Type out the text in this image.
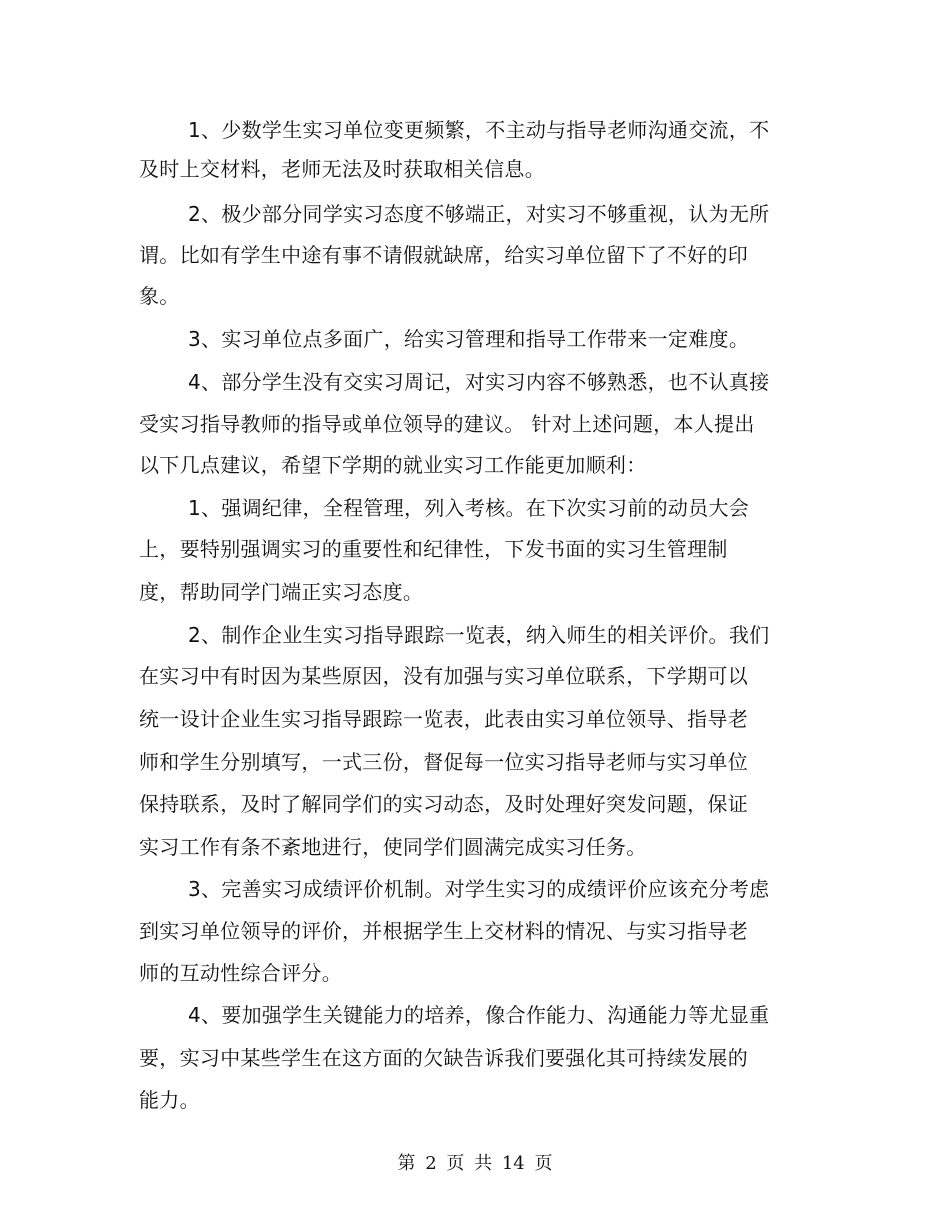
1、少数学生实习单位变更频繁，不主动与指导老师沟通交流，不
及时上交材料，老师无法及时获取相关信息。
2、极少部分同学实习态度不够端正，对实习不够重视，认为无所
谓。比如有学生中途有事不请假就缺席，给实习单位留下了不好的印
象。
3、实习单位点多面广，给实习管理和指导工作带来一定难度。
4、部分学生没有交实习周记，对实习内容不够熟悉，也不认真接
受实习指导教师的指导或单位领导的建议。 针对上述问题，本人提出
以下几点建议，希望下学期的就业实习工作能更加顺利：
1、强调纪律，全程管理，列入考核。在下次实习前的动员大会
上，要特别强调实习的重要性和纪律性，下发书面的实习生管理制
度，帮助同学门端正实习态度。
2、制作企业生实习指导跟踪一览表，纳入师生的相关评价。我们
在实习中有时因为某些原因，没有加强与实习单位联系，下学期可以
统一设计企业生实习指导跟踪一览表，此表由实习单位领导、指导老
师和学生分别填写，一式三份，督促每一位实习指导老师与实习单位
保持联系，及时了解同学们的实习动态，及时处理好突发问题，保证
实习工作有条不紊地进行，使同学们圆满完成实习任务。
3、完善实习成绩评价机制。对学生实习的成绩评价应该充分考虑
到实习单位领导的评价，并根据学生上交材料的情况、与实习指导老
师的互动性综合评分。
4、要加强学生关键能力的培养，像合作能力、沟通能力等尤显重
要，实习中某些学生在这方面的欠缺告诉我们要强化其可持续发展的
能力。
第 2 页 共 14 页
